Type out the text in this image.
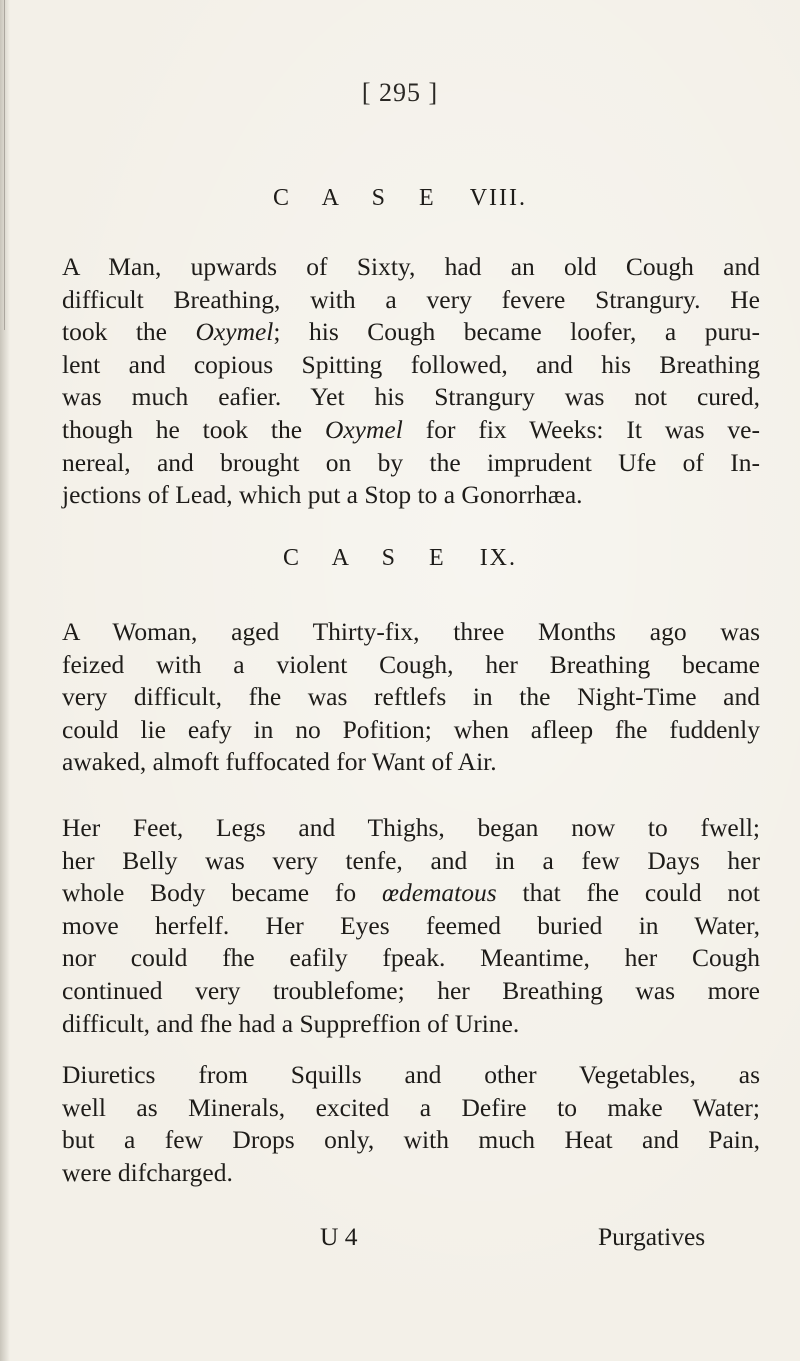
[ 295 ]
C A S E VIII.
A Man, upwards of Sixty, had an old Cough and
difficult Breathing, with a very fevere Strangury. He
took the Oxymel; his Cough became loofer, a puru-
lent and copious Spitting followed, and his Breathing
was much eafier. Yet his Strangury was not cured,
though he took the Oxymel for fix Weeks: It was ve-
nereal, and brought on by the imprudent Ufe of In-
jections of Lead, which put a Stop to a Gonorrhæa.
C A S E IX.
A Woman, aged Thirty-fix, three Months ago was
feized with a violent Cough, her Breathing became
very difficult, fhe was reftlefs in the Night-Time and
could lie eafy in no Pofition; when afleep fhe fuddenly
awaked, almoft fuffocated for Want of Air.
Her Feet, Legs and Thighs, began now to fwell;
her Belly was very tenfe, and in a few Days her
whole Body became fo œdematous that fhe could not
move herfelf. Her Eyes feemed buried in Water,
nor could fhe eafily fpeak. Meantime, her Cough
continued very troublefome; her Breathing was more
difficult, and fhe had a Suppreffion of Urine.
Diuretics from Squills and other Vegetables, as
well as Minerals, excited a Defire to make Water;
but a few Drops only, with much Heat and Pain,
were difcharged.
U 4	Purgatives
